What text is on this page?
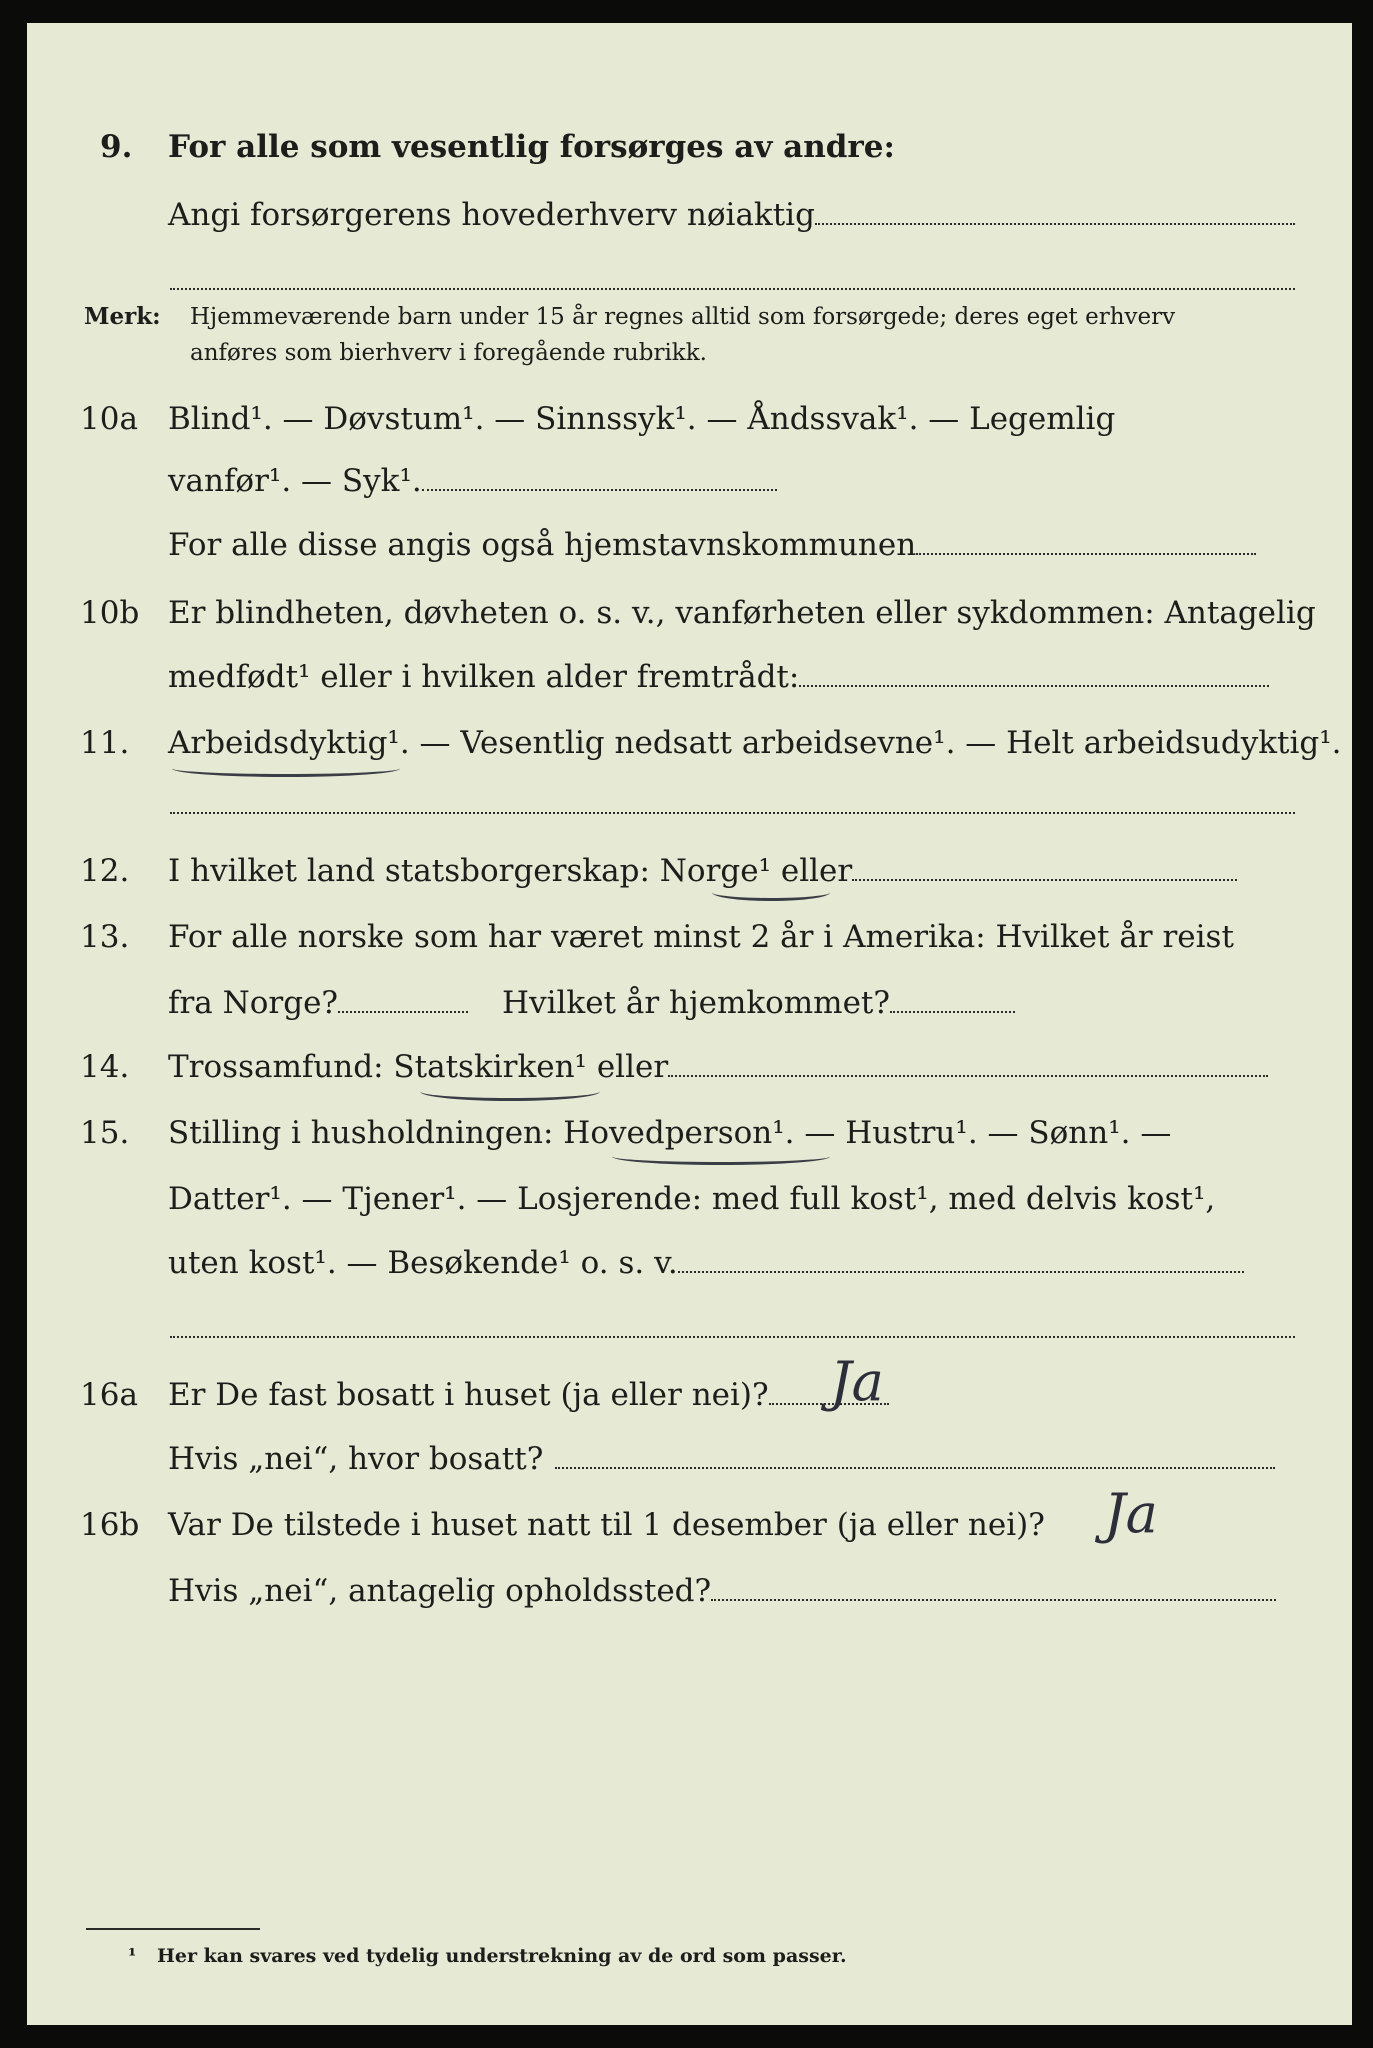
9. For alle som vesentlig forsørges av andre:
Angi forsørgerens hovederhverv nøiaktig
Merk: Hjemmeværende barn under 15 år regnes alltid som forsørgede; deres eget erhverv
anføres som bierhverv i foregående rubrikk.
10a Blind¹. — Døvstum¹. — Sinnssyk¹. — Åndssvak¹. — Legemlig
vanfør¹. — Syk¹.
For alle disse angis også hjemstavnskommunen
10b Er blindheten, døvheten o. s. v., vanførheten eller sykdommen: Antagelig
medfødt¹ eller i hvilken alder fremtrådt:
11. Arbeidsdyktig¹. — Vesentlig nedsatt arbeidsevne¹. — Helt arbeidsudyktig¹.
12. I hvilket land statsborgerskap: Norge¹ eller
13. For alle norske som har været minst 2 år i Amerika: Hvilket år reist
fra Norge?	Hvilket år hjemkommet?
14. Trossamfund: Statskirken¹ eller
15. Stilling i husholdningen: Hovedperson¹. — Hustru¹. — Sønn¹. —
Datter¹. — Tjener¹. — Losjerende: med full kost¹, med delvis kost¹,
uten kost¹. — Besøkende¹ o. s. v.
16a Er De fast bosatt i huset (ja eller nei)?	Ja
Hvis „nei“, hvor bosatt?
16b Var De tilstede i huset natt til 1 desember (ja eller nei)? Ja
Hvis „nei“, antagelig opholdssted?
¹ Her kan svares ved tydelig understrekning av de ord som passer.
